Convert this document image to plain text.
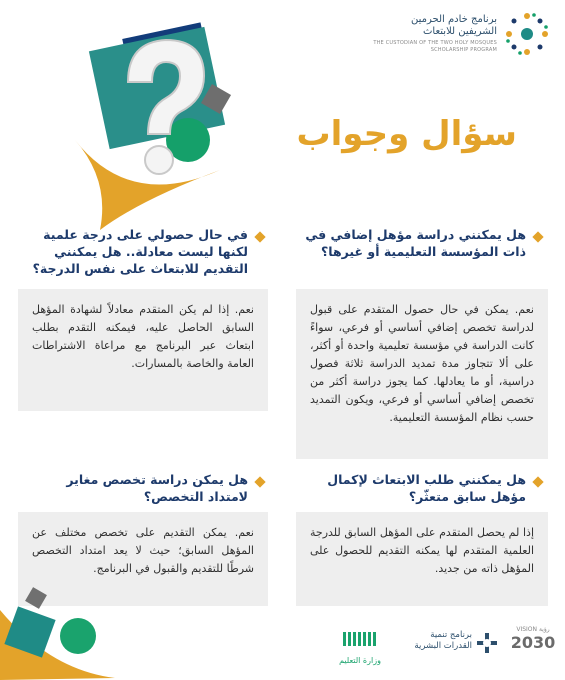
برنامج خادم الحرمين
الشريفين للابتعاث
THE CUSTODIAN OF THE TWO HOLY MOSQUES SCHOLARSHIP PROGRAM
سؤال وجواب
هل يمكنني دراسة مؤهل إضافي في ذات المؤسسة التعليمية أو غيرها؟
نعم. يمكن في حال حصول المتقدم على قبول لدراسة تخصص إضافي أساسي أو فرعي، سواءً كانت الدراسة في مؤسسة تعليمية واحدة أو أكثر، على ألا تتجاوز مدة تمديد الدراسة ثلاثة فصول دراسية، أو ما يعادلها. كما يجوز دراسة أكثر من تخصص إضافي أساسي أو فرعي، ويكون التمديد حسب نظام المؤسسة التعليمية.
في حال حصولي على درجة علمية لكنها ليست معادلة.. هل يمكنني التقديم للابتعاث على نفس الدرجة؟
نعم. إذا لم يكن المتقدم معادلاً لشهادة المؤهل السابق الحاصل عليه، فيمكنه التقدم بطلب ابتعاث عبر البرنامج مع مراعاة الاشتراطات العامة والخاصة بالمسارات.
هل يمكنني طلب الابتعاث لإكمال مؤهل سابق متعثّر؟
إذا لم يحصل المتقدم على المؤهل السابق للدرجة العلمية المتقدم لها يمكنه التقديم للحصول على المؤهل ذاته من جديد.
هل يمكن دراسة تخصص مغاير لامتداد التخصص؟
نعم. يمكن التقديم على تخصص مختلف عن المؤهل السابق؛ حيث لا يعد امتداد التخصص شرطًا للتقديم والقبول في البرنامج.
وزارة التعليم
برنامج تنمية
القدرات البشرية
VISION رؤية
2030
